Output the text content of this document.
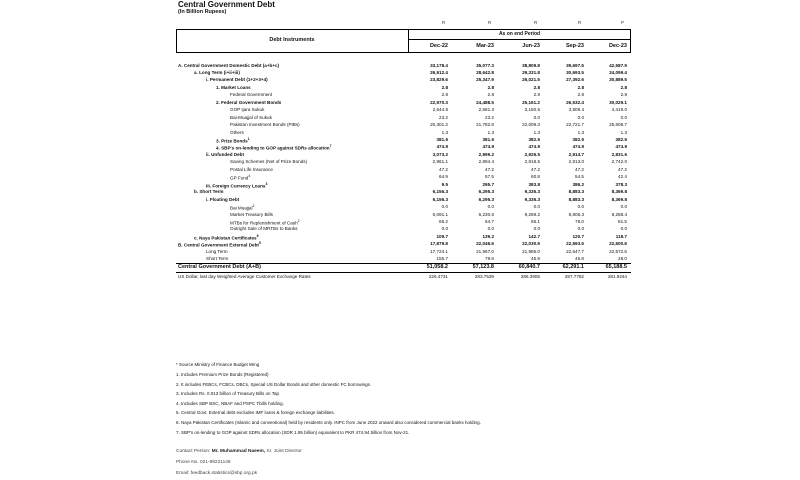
Central Government Debt
(In Billion Rupees)
R	R	R	R	P
Debt Instruments
As on end Period
Dec-22	Mar-23	Jun-23	Sep-23	Dec-23
A. Central Government Domestic Debt (a+b+c)	33,178.4	35,077.3	38,809.8	39,697.5	42,587.9
a. Long Term (i+ii+iii)	26,912.4	28,642.8	29,331.8	30,693.5	34,099.4
i. Permanent Debt (1+2+3+4)	23,829.6	25,347.9	26,021.5	27,392.6	30,889.5
1. Market Loans	2.8	2.8	2.8	2.8	2.8
Federal Government	2.8	2.8	2.8	2.8	2.8
2. Federal Government Bonds	22,970.3	24,488.5	25,161.2	26,532.4	30,029.1
GOP Ijara Sukuk	2,644.6	2,681.3	3,150.6	3,809.4	4,419.0
Bai-Muajjal of Sukuk	23.2	23.2	0.0	0.0	0.0
Pakistan Investment Bonds (PIBs)	20,301.2	21,782.8	22,009.3	22,721.7	25,608.7
Others	1.3	1.3	1.3	1.3	1.3
3. Prize Bonds$^1$	381.6	381.6	382.5	382.5	382.6
4. SBP's on-lending to GOP against SDRs allocation$^7$	474.9	474.9	474.9	474.9	474.9
ii. Unfunded Debt	3,073.2	2,999.2	2,926.5	2,914.7	2,831.6
Saving Schemes (Net of Prize Bonds)	2,961.1	2,894.4	2,818.5	2,813.0	2,742.0
Postal Life Insurance	47.2	47.2	47.2	47.2	47.2
GP Fund$^4$	64.9	57.5	60.8	54.5	42.4
iii. Foreign Currency Loans$^3$	9.5	295.7	383.8	386.2	378.3
b. Short Term	6,156.3	6,295.3	9,335.3	8,883.3	8,369.8
i. Floating Debt	6,156.3	6,295.3	9,335.3	8,883.3	8,369.8
Bai Muajjal$^2$	0.0	0.0	0.0	0.0	0.0
Market Treasury Bills	6,091.1	6,230.6	9,269.2	8,805.3	8,288.4
MTBs for Replenishment of Cash$^2$	65.2	64.7	66.1	78.0	81.5
Outright Sale of MRTBs to Banks	0.0	0.0	0.0	0.0	0.0
c. Naya Pakistan Certificates$^6$	109.7	139.2	142.7	120.7	118.7
B. Central Government External Debt$^5$	17,879.8	22,046.6	22,030.9	22,593.5	22,600.6
Long Term	17,724.1	21,967.0	21,985.0	22,547.7	22,572.6
Short Term	155.7	79.6	45.9	45.8	28.0
Central Government Debt (A+B)	51,058.2	57,123.8	60,840.7	62,291.1	65,188.5
US Dollar, last day Weighted Average Customer Exchange Rates	226.4731	283.7539	286.3905	287.7782	281.9244
* Source Ministry of Finance Budget Wing
1. Includes Premium Prize Bonds (Registered)
2. It includes FEBCs, FCBCs, DBCs, Special US Dollar Bonds and other domestic FC borrowings.
3. Includes Rs. 0.013 billion of Treasury Bills on Tap
4. Includes SBP BSC, NBAF and PSPC Tbills holding.
5. Central Govt. External debt excludes IMF loans & foreign exchange liabilities.
6. Naya Pakistan Certificates (Islamic and conventional) held by residents only. INPC from June 2022 onward also considered commercial banks holding.
7. SBP's on-lending to GOP against SDRs allocation (SDR 1.95 billion) equivalent to PKR 474.94 billion from Nov-21.
Contact Person: Mr. Muhammad Naeem, Sr. Joint Director
Phone No. 021-99221146
Email: feedback.statistics@sbp.org.pk
